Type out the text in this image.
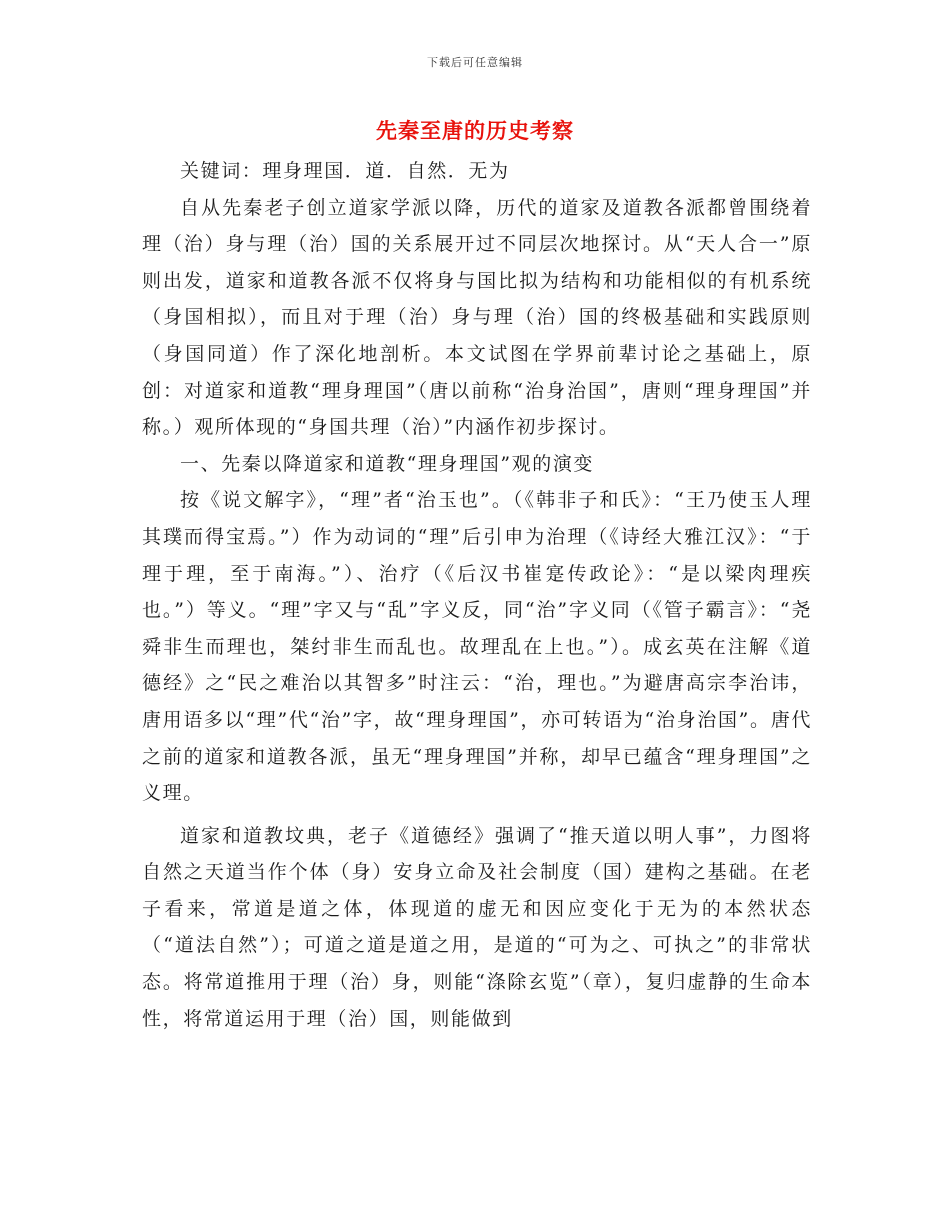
下载后可任意编辑
先秦至唐的历史考察

关键词：理身理国．道．自然．无为

自从先秦老子创立道家学派以降，历代的道家及道教各派都曾围绕着理（治）身与理（治）国的关系展开过不同层次地探讨。从“天人合一”原则出发，道家和道教各派不仅将身与国比拟为结构和功能相似的有机系统（身国相拟），而且对于理（治）身与理（治）国的终极基础和实践原则（身国同道）作了深化地剖析。本文试图在学界前辈讨论之基础上，原创：对道家和道教“理身理国”（唐以前称“治身治国”，唐则“理身理国”并称。）观所体现的“身国共理（治）”内涵作初步探讨。

一、先秦以降道家和道教“理身理国”观的演变

按《说文解字》，“理”者“治玉也”。（《韩非子和氏》：“王乃使玉人理其璞而得宝焉。”）作为动词的“理”后引申为治理（《诗经大雅江汉》：“于理于理，至于南海。”）、治疗（《后汉书崔寔传政论》：“是以梁肉理疾也。”）等义。“理”字又与“乱”字义反，同“治”字义同（《管子霸言》：“尧舜非生而理也，桀纣非生而乱也。故理乱在上也。”）。成玄英在注解《道德经》之“民之难治以其智多”时注云：“治，理也。”为避唐高宗李治讳，唐用语多以“理”代“治”字，故“理身理国”，亦可转语为“治身治国”。唐代之前的道家和道教各派，虽无“理身理国”并称，却早已蕴含“理身理国”之义理。

道家和道教坟典，老子《道德经》强调了“推天道以明人事”，力图将自然之天道当作个体（身）安身立命及社会制度（国）建构之基础。在老子看来，常道是道之体，体现道的虚无和因应变化于无为的本然状态（“道法自然”）；可道之道是道之用，是道的“可为之、可执之”的非常状态。将常道推用于理（治）身，则能“涤除玄览”（章），复归虚静的生命本性，将常道运用于理（治）国，则能做到
